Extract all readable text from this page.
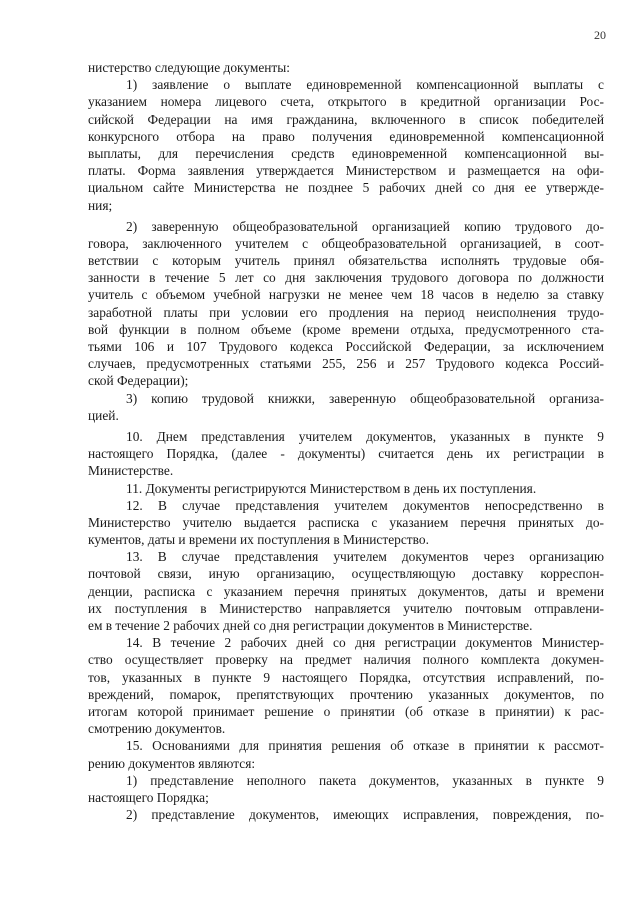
20
нистерство следующие документы:
1) заявление о выплате единовременной компенсационной выплаты с
указанием номера лицевого счета, открытого в кредитной организации Рос-
сийской Федерации на имя гражданина, включенного в список победителей
конкурсного отбора на право получения единовременной компенсационной
выплаты, для перечисления средств единовременной компенсационной вы-
платы. Форма заявления утверждается Министерством и размещается на офи-
циальном сайте Министерства не позднее 5 рабочих дней со дня ее утвержде-
ния;
2) заверенную общеобразовательной организацией копию трудового до-
говора, заключенного учителем с общеобразовательной организацией, в соот-
ветствии с которым учитель принял обязательства исполнять трудовые обя-
занности в течение 5 лет со дня заключения трудового договора по должности
учитель с объемом учебной нагрузки не менее чем 18 часов в неделю за ставку
заработной платы при условии его продления на период неисполнения трудо-
вой функции в полном объеме (кроме времени отдыха, предусмотренного ста-
тьями 106 и 107 Трудового кодекса Российской Федерации, за исключением
случаев, предусмотренных статьями 255, 256 и 257 Трудового кодекса Россий-
ской Федерации);
3) копию трудовой книжки, заверенную общеобразовательной организа-
цией.
10. Днем представления учителем документов, указанных в пункте 9
настоящего Порядка, (далее - документы) считается день их регистрации в
Министерстве.
11. Документы регистрируются Министерством в день их поступления.
12. В случае представления учителем документов непосредственно в
Министерство учителю выдается расписка с указанием перечня принятых до-
кументов, даты и времени их поступления в Министерство.
13. В случае представления учителем документов через организацию
почтовой связи, иную организацию, осуществляющую доставку корреспон-
денции, расписка с указанием перечня принятых документов, даты и времени
их поступления в Министерство направляется учителю почтовым отправлени-
ем в течение 2 рабочих дней со дня регистрации документов в Министерстве.
14. В течение 2 рабочих дней со дня регистрации документов Министер-
ство осуществляет проверку на предмет наличия полного комплекта докумен-
тов, указанных в пункте 9 настоящего Порядка, отсутствия исправлений, по-
вреждений, помарок, препятствующих прочтению указанных документов, по
итогам которой принимает решение о принятии (об отказе в принятии) к рас-
смотрению документов.
15. Основаниями для принятия решения об отказе в принятии к рассмот-
рению документов являются:
1) представление неполного пакета документов, указанных в пункте 9
настоящего Порядка;
2) представление документов, имеющих исправления, повреждения, по-
